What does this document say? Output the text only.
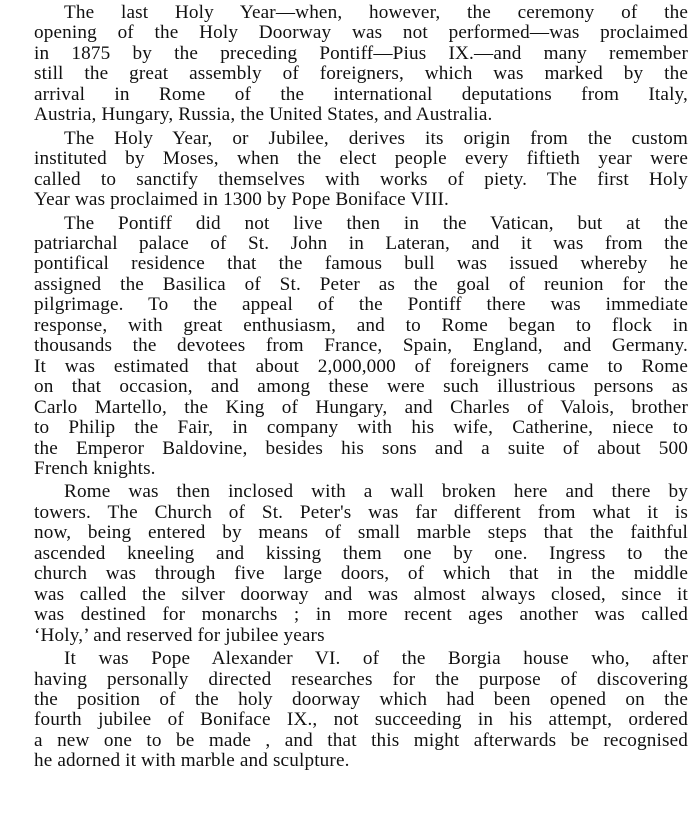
The last Holy Year—when, however, the ceremony of the
opening of the Holy Doorway was not performed—was proclaimed
in 1875 by the preceding Pontiff—Pius IX.—and many remember
still the great assembly of foreigners, which was marked by the
arrival in Rome of the international deputations from Italy,
Austria, Hungary, Russia, the United States, and Australia.
The Holy Year, or Jubilee, derives its origin from the custom
instituted by Moses, when the elect people every fiftieth year were
called to sanctify themselves with works of piety. The first Holy
Year was proclaimed in 1300 by Pope Boniface VIII.
The Pontiff did not live then in the Vatican, but at the
patriarchal palace of St. John in Lateran, and it was from the
pontifical residence that the famous bull was issued whereby he
assigned the Basilica of St. Peter as the goal of reunion for the
pilgrimage. To the appeal of the Pontiff there was immediate
response, with great enthusiasm, and to Rome began to flock in
thousands the devotees from France, Spain, England, and Germany.
It was estimated that about 2,000,000 of foreigners came to Rome
on that occasion, and among these were such illustrious persons as
Carlo Martello, the King of Hungary, and Charles of Valois, brother
to Philip the Fair, in company with his wife, Catherine, niece to
the Emperor Baldovine, besides his sons and a suite of about 500
French knights.
Rome was then inclosed with a wall broken here and there by
towers. The Church of St. Peter's was far different from what it is
now, being entered by means of small marble steps that the faithful
ascended kneeling and kissing them one by one. Ingress to the
church was through five large doors, of which that in the middle
was called the silver doorway and was almost always closed, since it
was destined for monarchs ; in more recent ages another was called
‘Holy,’ and reserved for jubilee years
It was Pope Alexander VI. of the Borgia house who, after
having personally directed researches for the purpose of discovering
the position of the holy doorway which had been opened on the
fourth jubilee of Boniface IX., not succeeding in his attempt, ordered
a new one to be made , and that this might afterwards be recognised
he adorned it with marble and sculpture.
